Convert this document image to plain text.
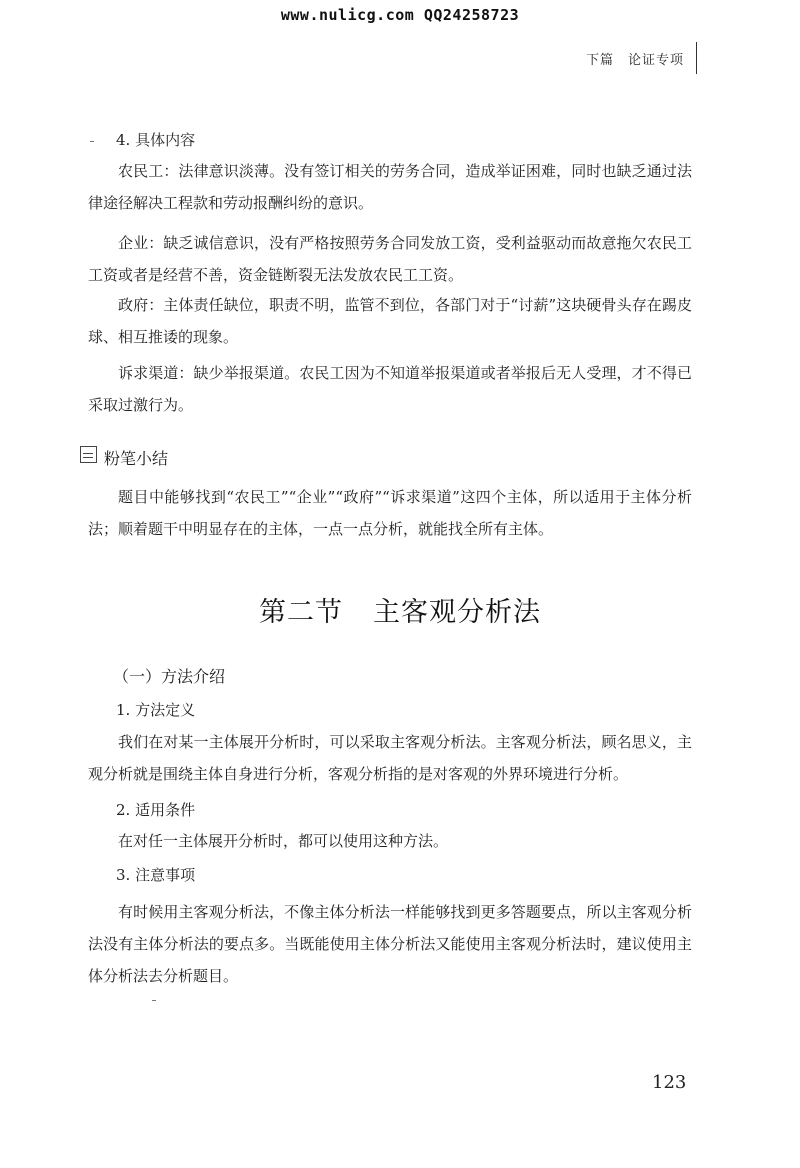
www.nulicg.com QQ24258723
下篇　论证专项
4. 具体内容
农民工：法律意识淡薄。没有签订相关的劳务合同，造成举证困难，同时也缺乏通过法律途径解决工程款和劳动报酬纠纷的意识。
企业：缺乏诚信意识，没有严格按照劳务合同发放工资，受利益驱动而故意拖欠农民工工资或者是经营不善，资金链断裂无法发放农民工工资。
政府：主体责任缺位，职责不明，监管不到位，各部门对于“讨薪”这块硬骨头存在踢皮球、相互推诿的现象。
诉求渠道：缺少举报渠道。农民工因为不知道举报渠道或者举报后无人受理，才不得已采取过激行为。
粉笔小结
题目中能够找到“农民工”“企业”“政府”“诉求渠道”这四个主体，所以适用于主体分析法；顺着题干中明显存在的主体，一点一点分析，就能找全所有主体。
第二节 主客观分析法
（一）方法介绍
1. 方法定义
我们在对某一主体展开分析时，可以采取主客观分析法。主客观分析法，顾名思义，主观分析就是围绕主体自身进行分析，客观分析指的是对客观的外界环境进行分析。
2. 适用条件
在对任一主体展开分析时，都可以使用这种方法。
3. 注意事项
有时候用主客观分析法，不像主体分析法一样能够找到更多答题要点，所以主客观分析法没有主体分析法的要点多。当既能使用主体分析法又能使用主客观分析法时，建议使用主体分析法去分析题目。
123
